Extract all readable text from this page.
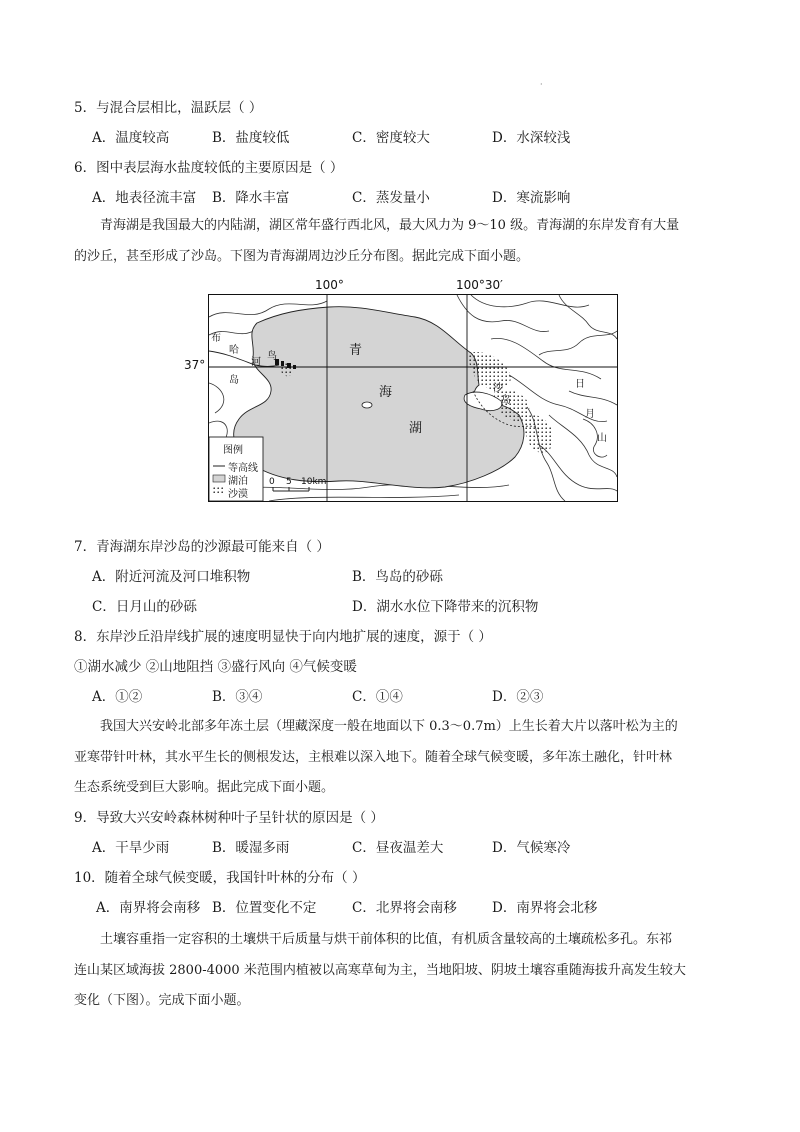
·
5．与混合层相比，温跃层（ ）
A．温度较高	B．盐度较低	C．密度较大	D．水深较浅
6．图中表层海水盐度较低的主要原因是（ ）
A．地表径流丰富 B．降水丰富	C．蒸发量小	D．寒流影响
青海湖是我国最大的内陆湖，湖区常年盛行西北风，最大风力为 9～10 级。青海湖的东岸发育有大量
的沙丘，甚至形成了沙岛。下图为青海湖周边沙丘分布图。据此完成下面小题。
100°	100°30′
37°
青
海
湖
布
哈
河
鸟
岛
沙
岛
日
月
山
图例
等高线
湖泊
沙漠
0 5 10km
7．青海湖东岸沙岛的沙源最可能来自（ ）
A．附近河流及河口堆积物	B．鸟岛的砂砾
C．日月山的砂砾	D．湖水水位下降带来的沉积物
8．东岸沙丘沿岸线扩展的速度明显快于向内地扩展的速度，源于（ ）
①湖水减少 ②山地阻挡 ③盛行风向 ④气候变暖
A．①②	B．③④	C．①④	D．②③
我国大兴安岭北部多年冻土层（埋藏深度一般在地面以下 0.3～0.7m）上生长着大片以落叶松为主的
亚寒带针叶林，其水平生长的侧根发达，主根难以深入地下。随着全球气候变暖，多年冻土融化，针叶林
生态系统受到巨大影响。据此完成下面小题。
9．导致大兴安岭森林树种叶子呈针状的原因是（ ）
A．干旱少雨	B．暖湿多雨	C．昼夜温差大	D．气候寒冷
10．随着全球气候变暖，我国针叶林的分布（ ）
A．南界将会南移 B．位置变化不定	C．北界将会南移	D．南界将会北移
土壤容重指一定容积的土壤烘干后质量与烘干前体积的比值，有机质含量较高的土壤疏松多孔。东祁
连山某区域海拔 2800-4000 米范围内植被以高寒草甸为主，当地阳坡、阴坡土壤容重随海拔升高发生较大
变化（下图）。完成下面小题。
